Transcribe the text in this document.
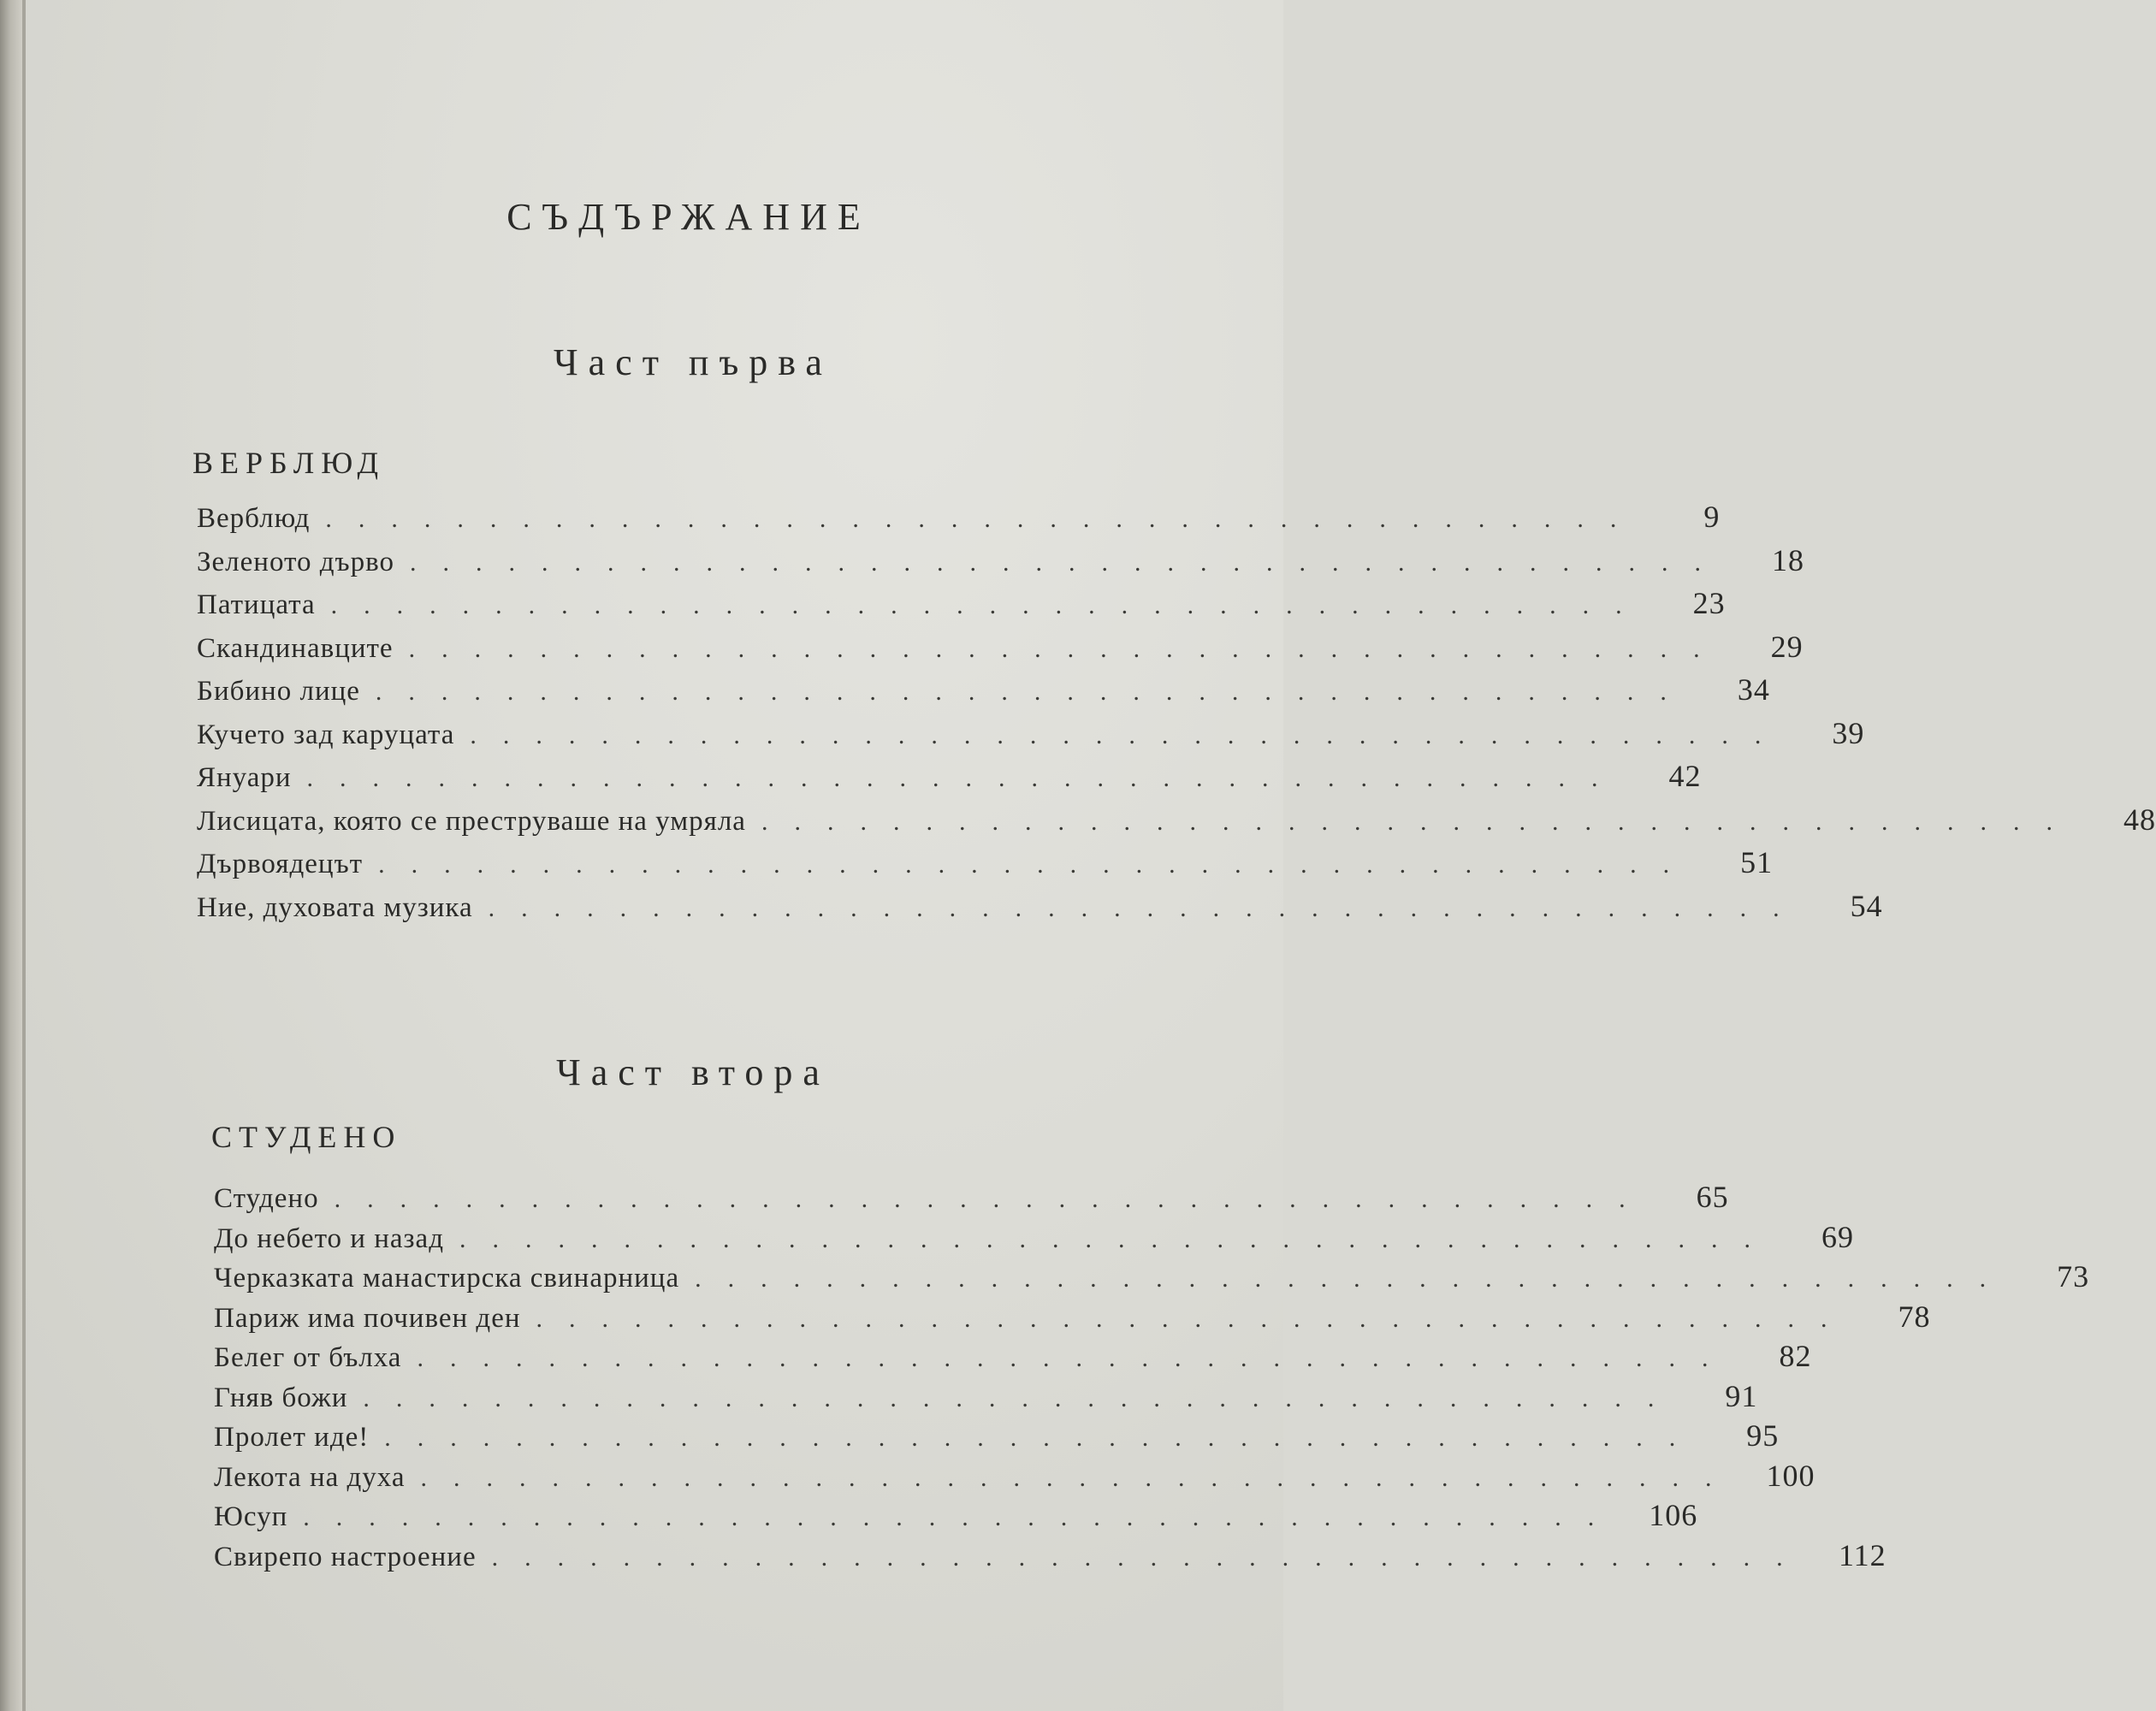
СЪДЪРЖАНИЕ
Част първа
ВЕРБЛЮД
Верблюд ........................................	9
Зеленото дърво ........................................	18
Патицата ........................................	23
Скандинавците ........................................	29
Бибино лице ........................................	34
Кучето зад каруцата ........................................	39
Януари ........................................	42
Лисицата, която се преструваше на умряла ........................................	48
Дървоядецът ........................................	51
Ние, духовата музика ........................................	54
Част втора
СТУДЕНО
Студено ........................................	65
До небето и назад ........................................	69
Черказката манастирска свинарница ........................................	73
Париж има почивен ден ........................................	78
Белег от бълха ........................................	82
Гняв божи ........................................	91
Пролет иде! ........................................	95
Лекота на духа ........................................ 100
Юсуп ........................................ 106
Свирепо настроение ........................................ 112
